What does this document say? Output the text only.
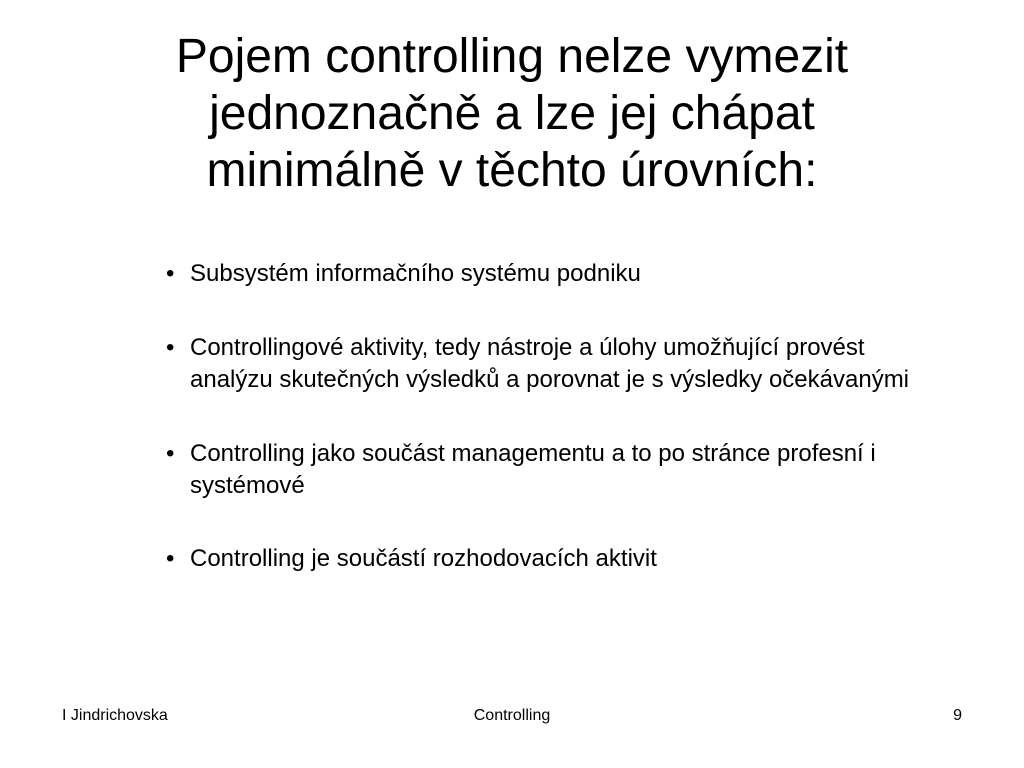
Pojem controlling nelze vymezit
jednoznačně a lze jej chápat
minimálně v těchto úrovních:
• Subsystém informačního systému podniku
• Controllingové aktivity, tedy nástroje a úlohy umožňující provést analýzu skutečných výsledků a porovnat je s výsledky očekávanými
• Controlling jako součást managementu a to po stránce profesní i systémové
• Controlling je součástí rozhodovacích aktivit
I Jindrichovska	Controlling	9
